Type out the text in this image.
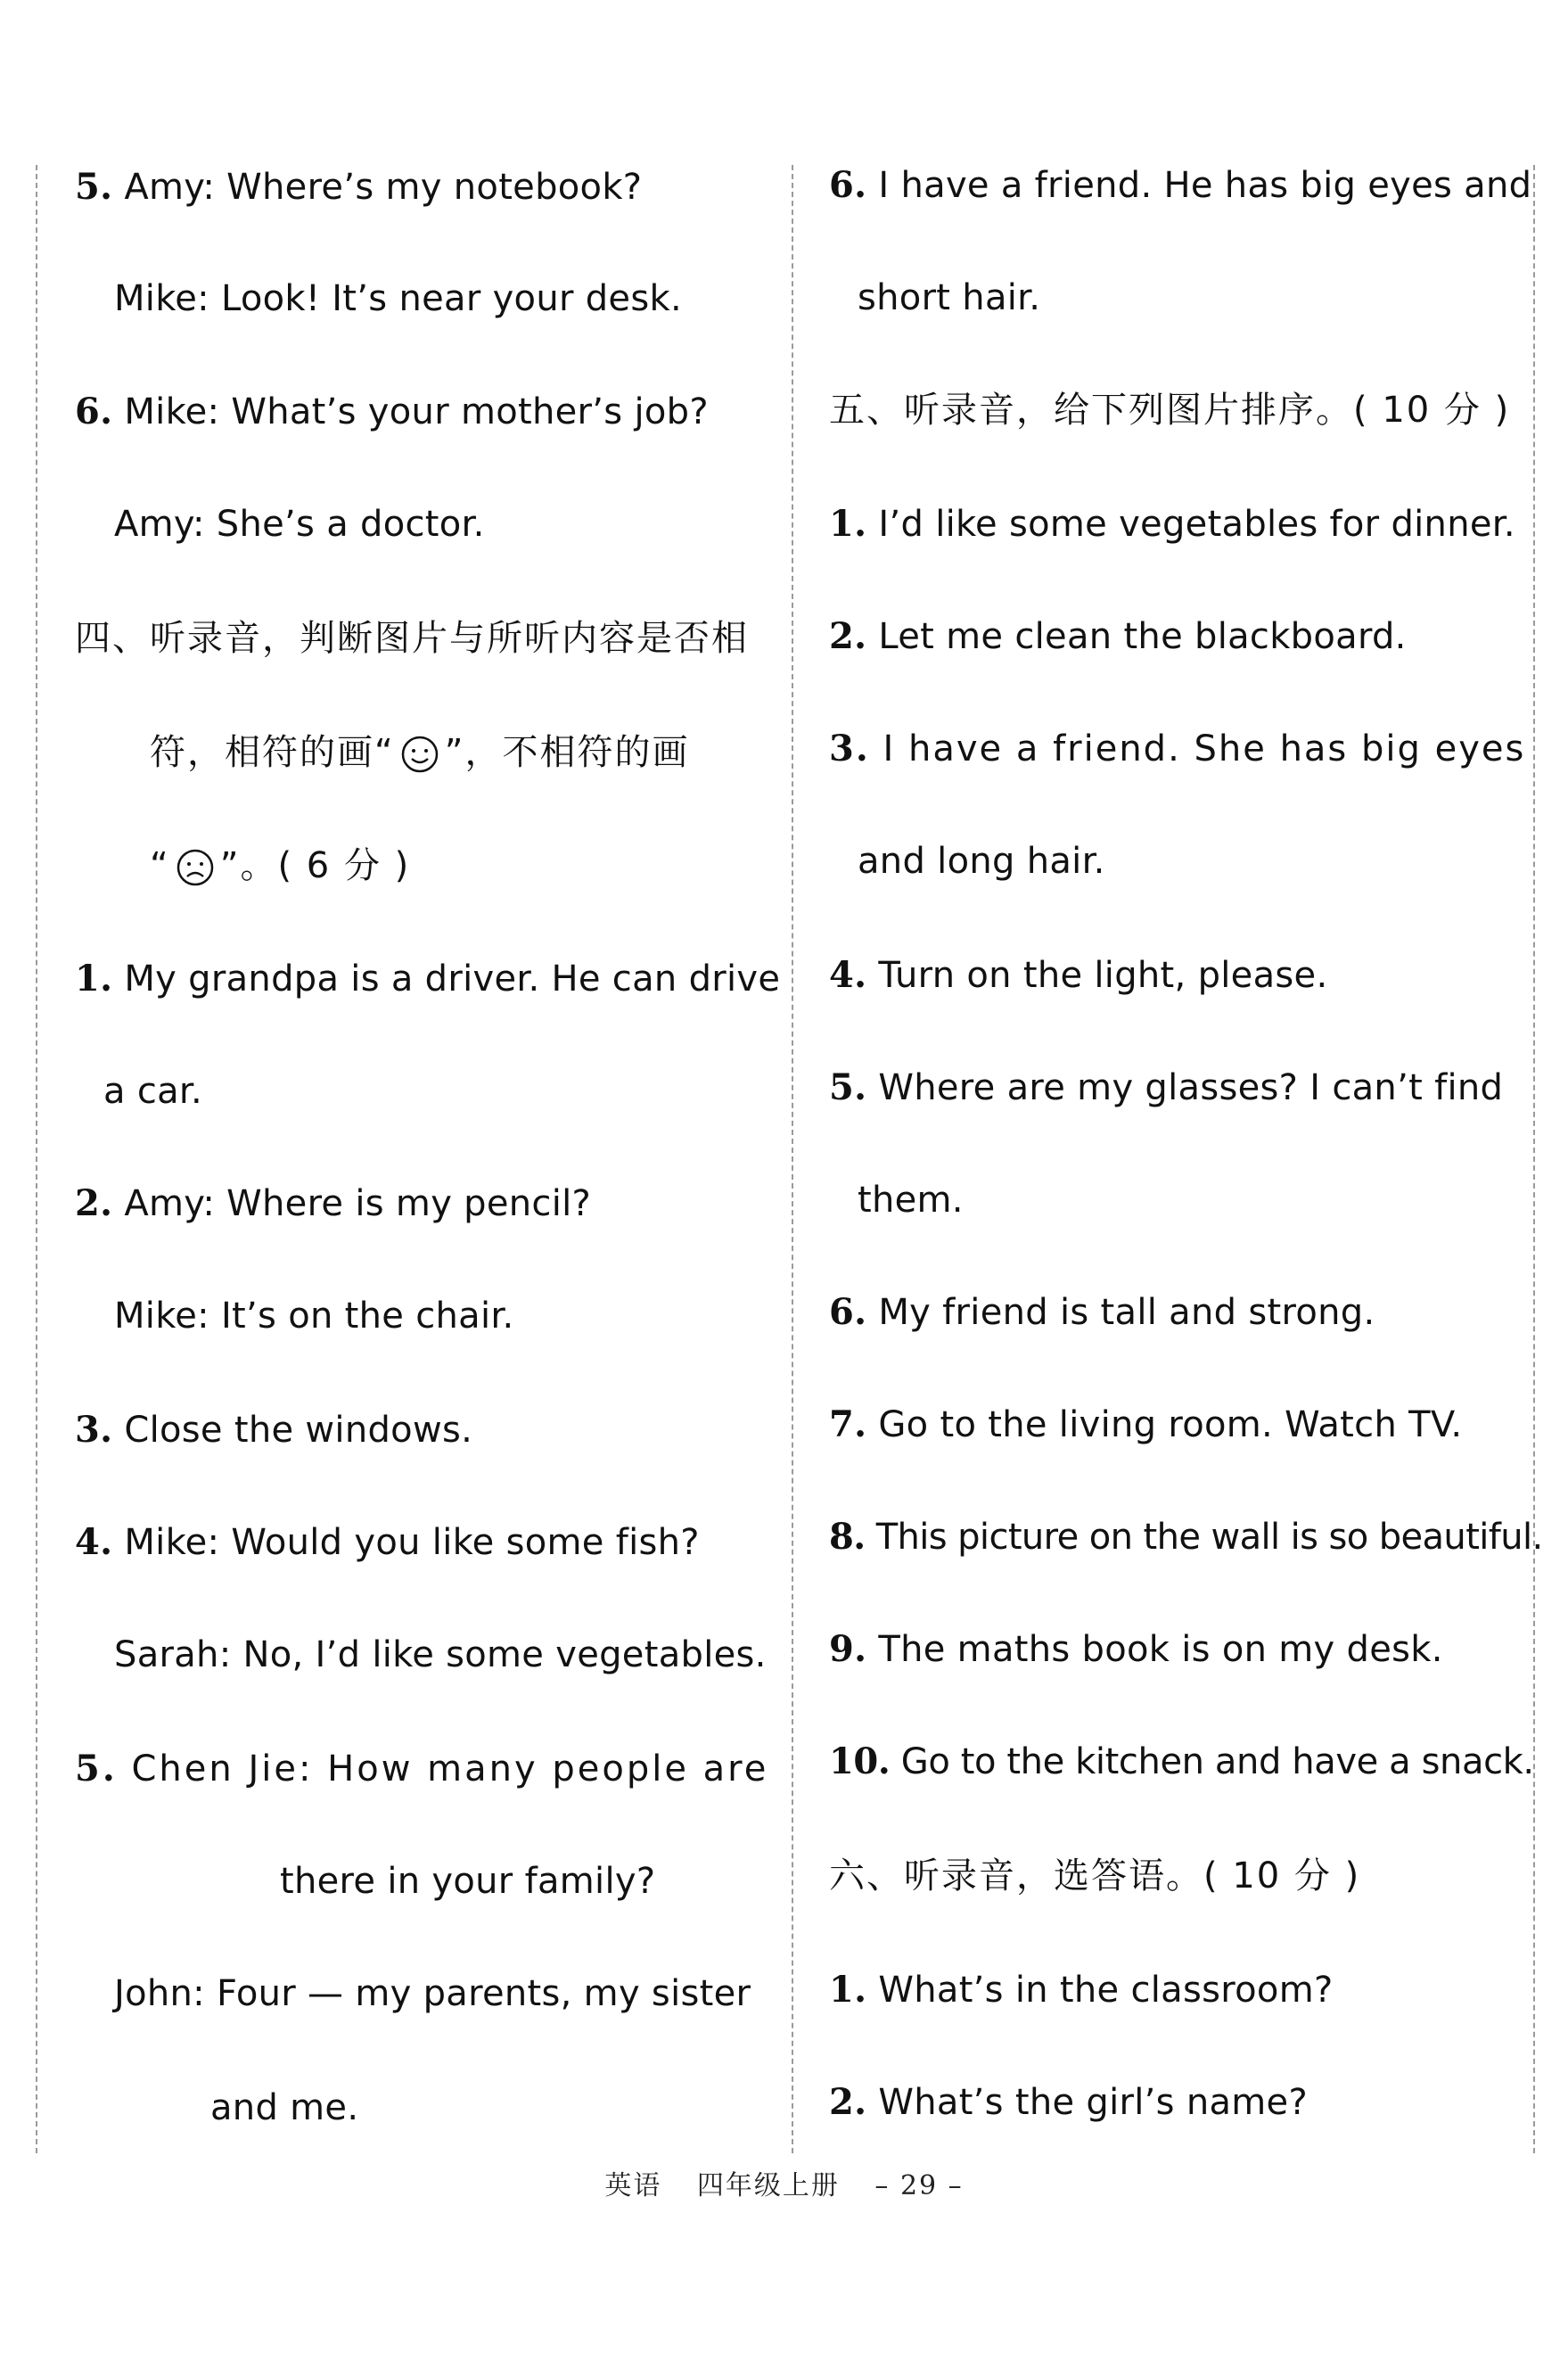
5. Amy: Where’s my notebook?
Mike: Look! It’s near your desk.
6. Mike: What’s your mother’s job?
Amy: She’s a doctor.
四、听录音，判断图片与所听内容是否相
符，相符的画“ ”，不相符的画
“ ”。( 6 分 )
1. My grandpa is a driver. He can drive
a car.
2. Amy: Where is my pencil?
Mike: It’s on the chair.
3. Close the windows.
4. Mike: Would you like some fish?
Sarah: No, I’d like some vegetables.
5. Chen Jie: How many people are
there in your family?
John: Four — my parents, my sister
and me.
6. I have a friend. He has big eyes and
short hair.
五、听录音，给下列图片排序。( 10 分 )
1. I’d like some vegetables for dinner.
2. Let me clean the blackboard.
3. I have a friend. She has big eyes
and long hair.
4. Turn on the light, please.
5. Where are my glasses? I can’t find
them.
6. My friend is tall and strong.
7. Go to the living room. Watch TV.
8. This picture on the wall is so beautiful.
9. The maths book is on my desk.
10. Go to the kitchen and have a snack.
六、听录音，选答语。( 10 分 )
1. What’s in the classroom?
2. What’s the girl’s name?
英语 四年级上册 – 29 –
